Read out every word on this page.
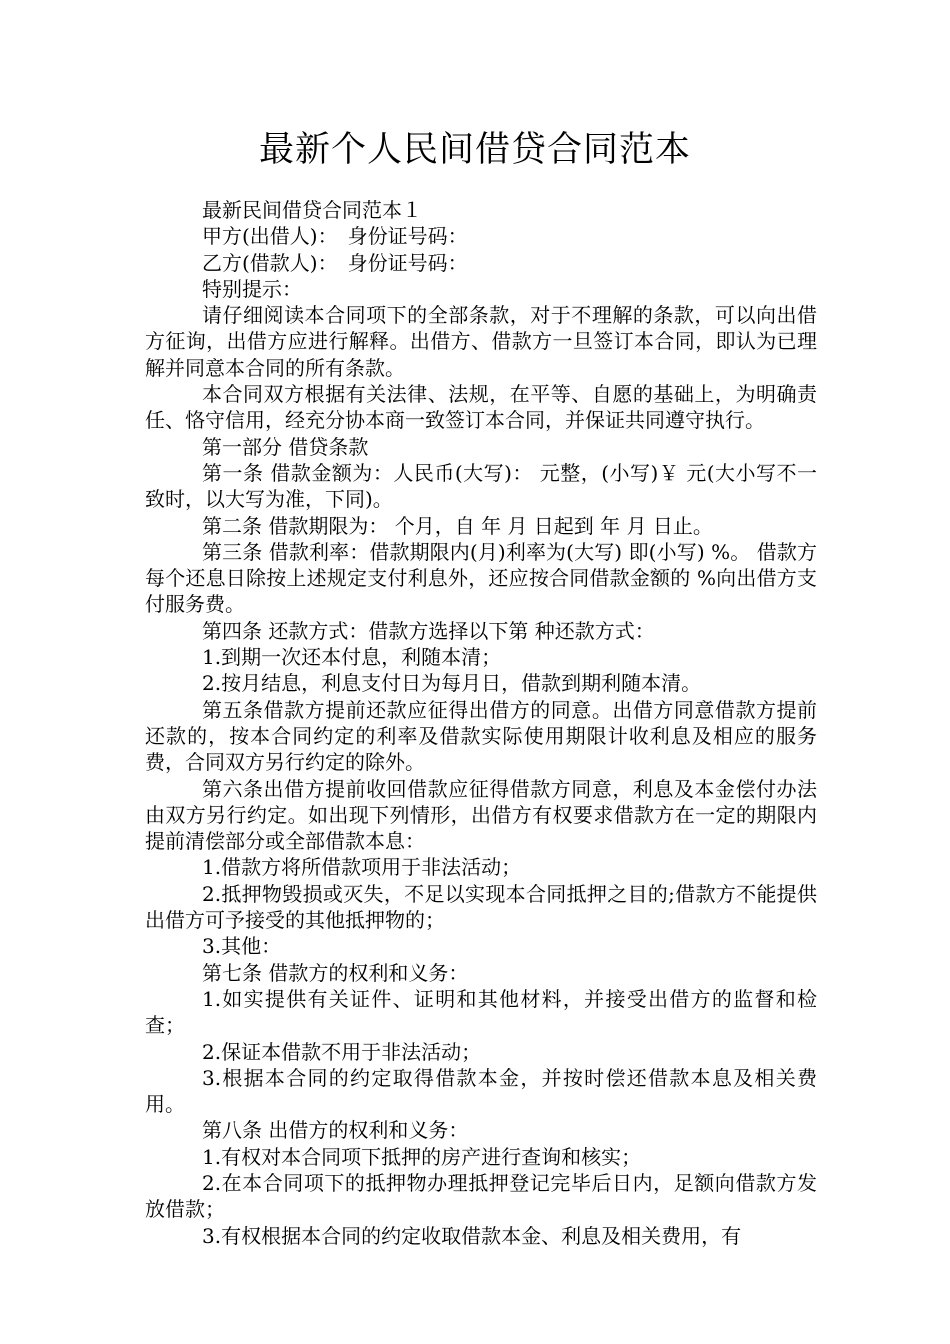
最新个人民间借贷合同范本

最新民间借贷合同范本１

甲方(出借人)：　身份证号码：

乙方(借款人)：　身份证号码：

特别提示：

请仔细阅读本合同项下的全部条款，对于不理解的条款，可以向出借方征询，出借方应进行解释。出借方、借款方一旦签订本合同，即认为已理解并同意本合同的所有条款。

本合同双方根据有关法律、法规，在平等、自愿的基础上，为明确责任、恪守信用，经充分协本商一致签订本合同，并保证共同遵守执行。

第一部分 借贷条款

第一条 借款金额为：人民币(大写)： 元整，(小写)￥ 元(大小写不一致时，以大写为准，下同)。

第二条 借款期限为： 个月，自 年 月 日起到 年 月 日止。

第三条 借款利率：借款期限内(月)利率为(大写) 即(小写) %。 借款方每个还息日除按上述规定支付利息外，还应按合同借款金额的 %向出借方支付服务费。

第四条 还款方式：借款方选择以下第 种还款方式：

1.到期一次还本付息，利随本清；

2.按月结息，利息支付日为每月日，借款到期利随本清。

第五条借款方提前还款应征得出借方的同意。出借方同意借款方提前还款的，按本合同约定的利率及借款实际使用期限计收利息及相应的服务费，合同双方另行约定的除外。

第六条出借方提前收回借款应征得借款方同意，利息及本金偿付办法由双方另行约定。如出现下列情形，出借方有权要求借款方在一定的期限内提前清偿部分或全部借款本息：

1.借款方将所借款项用于非法活动；

2.抵押物毁损或灭失，不足以实现本合同抵押之目的;借款方不能提供出借方可予接受的其他抵押物的；

3.其他：

第七条 借款方的权利和义务：

1.如实提供有关证件、证明和其他材料，并接受出借方的监督和检查；

2.保证本借款不用于非法活动；

3.根据本合同的约定取得借款本金，并按时偿还借款本息及相关费用。

第八条 出借方的权利和义务：

1.有权对本合同项下抵押的房产进行查询和核实；

2.在本合同项下的抵押物办理抵押登记完毕后日内，足额向借款方发放借款；

3.有权根据本合同的约定收取借款本金、利息及相关费用，有
